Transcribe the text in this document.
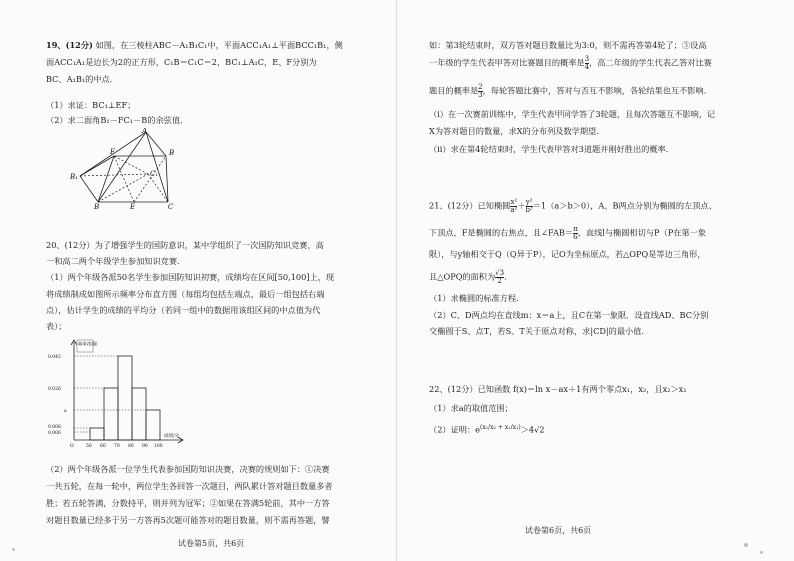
19、(12分) 如图，在三棱柱ABC－A₁B₁C₁中，平面ACC₁A₁⊥平面BCC₁B₁，侧
面ACC₁A₁是边长为2的正方形，C₁B＝C₁C＝2，BC₁⊥A₁C，E、F分别为
BC、A₁B₁的中点.
（1）求证：BC₁⊥EF；
（2）求二面角B₁－FC₁－B的余弦值.
A
F	B
B₁	C₁
B	E	C
20、(12分）为了增强学生的国防意识，某中学组织了一次国防知识竞赛，高
一和高二两个年级学生参加知识竞赛.
（1）两个年级各派50名学生参加国防知识初赛，成绩均在区间[50,100]上，现
将成绩制成如图所示频率分布直方图（每组均包括左端点，最后一组包括右端
点），估计学生的成绩的平均分（若同一组中的数据用该组区间的中点值为代
表）；
频率/组距
0.042
0.026
a
0.008
0.006
O	50 60 70 80 90 100
成绩/分
（2）两个年级各派一位学生代表参加国防知识决赛，决赛的规则如下：①决赛
一共五轮，在每一轮中，两位学生各回答一次题目，两队累计答对题目数量多者
胜；若五轮答满，分数持平，则并列为冠军；②如果在答满5轮前，其中一方答
对题目数量已经多于另一方答再5次题可能答对的题目数量，则不需再答题，譬
试卷第5页，共6页
如：第3轮结束时，双方答对题目数量比为3:0，则不需再答第4轮了；③设高
一年级的学生代表甲答对比赛题目的概率是 $\frac{3}{4}$ ，高二年级的学生代表乙答对比赛
题目的概率是 $\frac{2}{3}$ ，每轮答题比赛中，答对与否互不影响，各轮结果也互不影响.
（i）在一次赛前训练中，学生代表甲同学答了3轮题，且每次答题互不影响，记
X为答对题目的数量，求X的分布列及数学期望.
（ii）求在第4轮结束时，学生代表甲答对3道题并刚好胜出的概率.
21、(12分）已知椭圆 $\frac{\text{x²}}{\text{a²}} + \frac{\text{y²}}{\text{b²}} =1(a>b>0)$，A、B两点分别为椭圆的左顶点、
下顶点，F是椭圆的右焦点，且∠FAB＝ $\frac{\pi}{6}$ ，直线l与椭圆相切与P（P在第一象
限），与y轴相交于Q（Q异于P），记O为坐标原点，若△OPQ是等边三角形，
且△OPQ的面积为 $\frac{√3}{2}$ .
（1）求椭圆的标准方程.
（2）C、D两点均在直线m：x＝a上，且C在第一象限．设直线AD、BC分别
交椭圆于S、点T，若S、T关于原点对称，求|CD|的最小值.
22、(12分）已知函数 f(x)＝ln x－ax＋1有两个零点x₁，x₂，且x₂＞x₁
（1）求a的取值范围；
（2）证明：$e^{(x_1/x_2 + x_2/x_1)}>4√2$
试卷第6页，共6页
